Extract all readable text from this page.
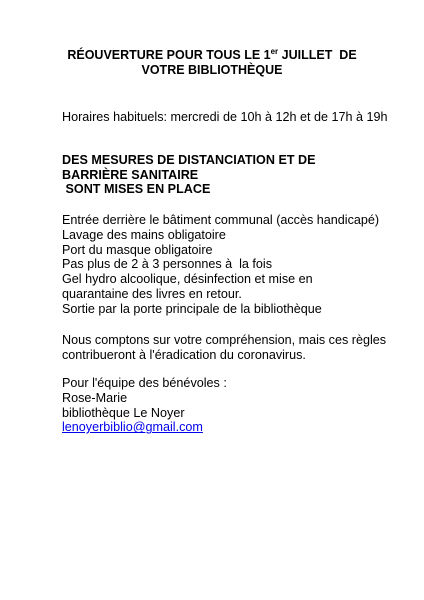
RÉOUVERTURE POUR TOUS LE 1er JUILLET  DE
VOTRE BIBLIOTHÈQUE
Horaires habituels: mercredi de 10h à 12h et de 17h à 19h
DES MESURES DE DISTANCIATION ET DE
BARRIÈRE SANITAIRE
SONT MISES EN PLACE
Entrée derrière le bâtiment communal (accès handicapé)
Lavage des mains obligatoire
Port du masque obligatoire
Pas plus de 2 à 3 personnes à  la fois
Gel hydro alcoolique, désinfection et mise en
quarantaine des livres en retour.
Sortie par la porte principale de la bibliothèque
Nous comptons sur votre compréhension, mais ces règles contribueront à l'éradication du coronavirus.
Pour l'équipe des bénévoles :
Rose-Marie
bibliothèque Le Noyer
lenoyerbiblio@gmail.com
